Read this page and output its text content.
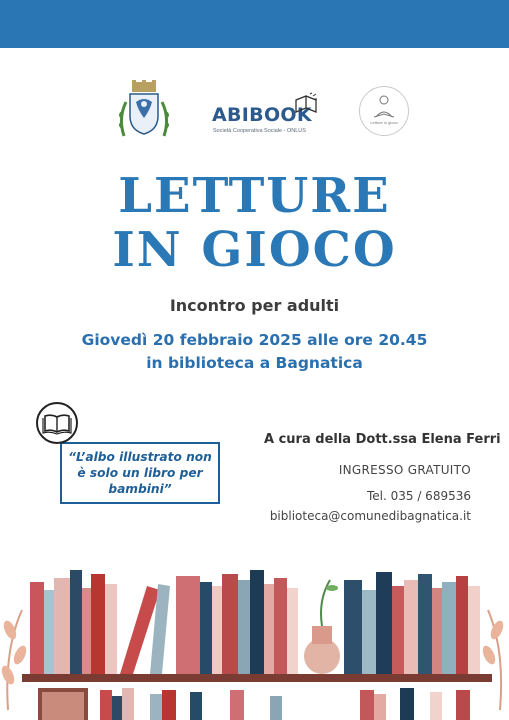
ABIBOOK
Società Cooperativa Sociale - ONLUS
Letture in gioco
LETTURE
IN GIOCO
Incontro per adulti
Giovedì 20 febbraio 2025 alle ore 20.45
in biblioteca a Bagnatica
“L’albo illustrato non
è solo un libro per
bambini”
A cura della Dott.ssa Elena Ferri
INGRESSO GRATUITO
Tel. 035 / 689536
biblioteca@comunedibagnatica.it
